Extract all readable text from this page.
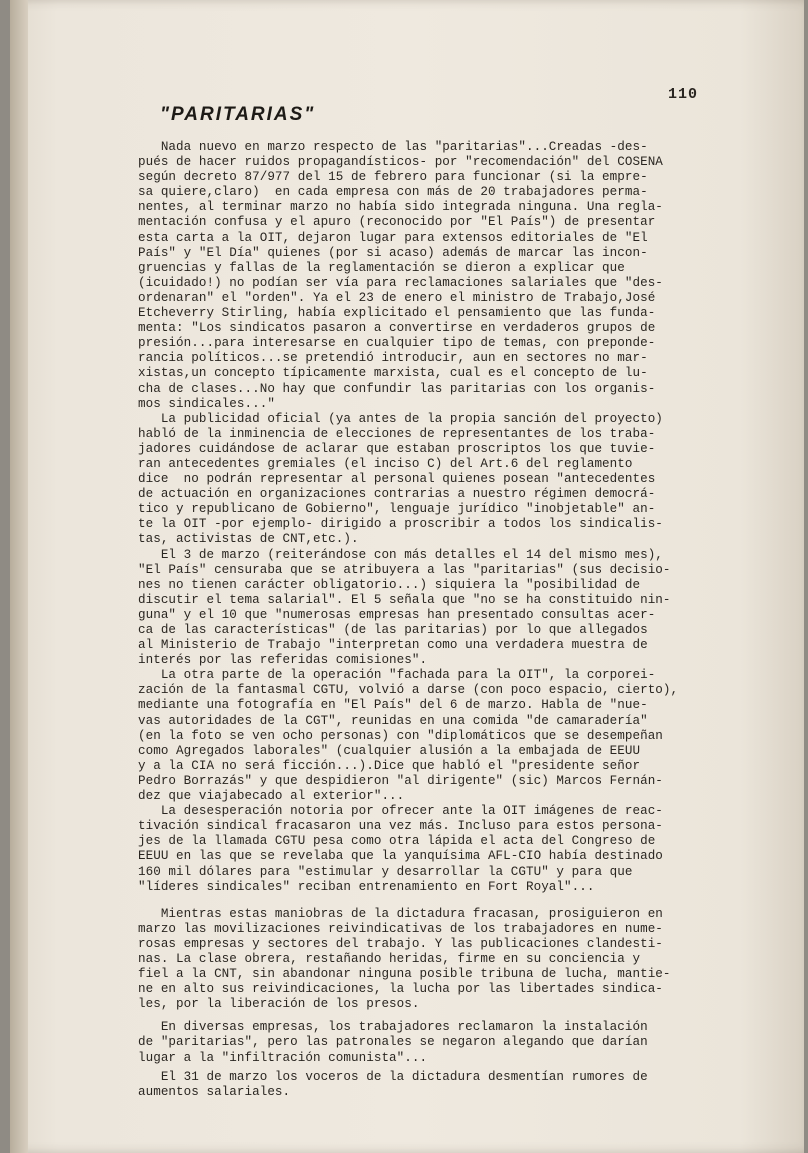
110
"PARITARIAS"
Nada nuevo en marzo respecto de las "paritarias"...Creadas -des-
pués de hacer ruidos propagandísticos- por "recomendación" del COSENA
según decreto 87/977 del 15 de febrero para funcionar (si la empre-
sa quiere,claro)  en cada empresa con más de 20 trabajadores perma-
nentes, al terminar marzo no había sido integrada ninguna. Una regla-
mentación confusa y el apuro (reconocido por "El País") de presentar
esta carta a la OIT, dejaron lugar para extensos editoriales de "El
País" y "El Día" quienes (por si acaso) además de marcar las incon-
gruencias y fallas de la reglamentación se dieron a explicar que
(icuidado!) no podían ser vía para reclamaciones salariales que "des-
ordenaran" el "orden". Ya el 23 de enero el ministro de Trabajo,José
Etcheverry Stirling, había explicitado el pensamiento que las funda-
menta: "Los sindicatos pasaron a convertirse en verdaderos grupos de
presión...para interesarse en cualquier tipo de temas, con preponde-
rancia políticos...se pretendió introducir, aun en sectores no mar-
xistas,un concepto típicamente marxista, cual es el concepto de lu-
cha de clases...No hay que confundir las paritarias con los organis-
mos sindicales..."
La publicidad oficial (ya antes de la propia sanción del proyecto)
habló de la inminencia de elecciones de representantes de los traba-
jadores cuidándose de aclarar que estaban proscriptos los que tuvie-
ran antecedentes gremiales (el inciso C) del Art.6 del reglamento
dice  no podrán representar al personal quienes posean "antecedentes
de actuación en organizaciones contrarias a nuestro régimen democrá-
tico y republicano de Gobierno", lenguaje jurídico "inobjetable" an-
te la OIT -por ejemplo- dirigido a proscribir a todos los sindicalis-
tas, activistas de CNT,etc.).
El 3 de marzo (reiterándose con más detalles el 14 del mismo mes),
"El País" censuraba que se atribuyera a las "paritarias" (sus decisio-
nes no tienen carácter obligatorio...) siquiera la "posibilidad de
discutir el tema salarial". El 5 señala que "no se ha constituido nin-
guna" y el 10 que "numerosas empresas han presentado consultas acer-
ca de las características" (de las paritarias) por lo que allegados
al Ministerio de Trabajo "interpretan como una verdadera muestra de
interés por las referidas comisiones".
La otra parte de la operación "fachada para la OIT", la corporei-
zación de la fantasmal CGTU, volvió a darse (con poco espacio, cierto),
mediante una fotografía en "El País" del 6 de marzo. Habla de "nue-
vas autoridades de la CGT", reunidas en una comida "de camaradería"
(en la foto se ven ocho personas) con "diplomáticos que se desempeñan
como Agregados laborales" (cualquier alusión a la embajada de EEUU
y a la CIA no será ficción...).Dice que habló el "presidente señor
Pedro Borrazás" y que despidieron "al dirigente" (sic) Marcos Fernán-
dez que viajabecado al exterior"...
La desesperación notoria por ofrecer ante la OIT imágenes de reac-
tivación sindical fracasaron una vez más. Incluso para estos persona-
jes de la llamada CGTU pesa como otra lápida el acta del Congreso de
EEUU en las que se revelaba que la yanquísima AFL-CIO había destinado
160 mil dólares para "estimular y desarrollar la CGTU" y para que
"líderes sindicales" reciban entrenamiento en Fort Royal"...
Mientras estas maniobras de la dictadura fracasan, prosiguieron en
marzo las movilizaciones reivindicativas de los trabajadores en nume-
rosas empresas y sectores del trabajo. Y las publicaciones clandesti-
nas. La clase obrera, restañando heridas, firme en su conciencia y
fiel a la CNT, sin abandonar ninguna posible tribuna de lucha, mantie-
ne en alto sus reivindicaciones, la lucha por las libertades sindica-
les, por la liberación de los presos.
En diversas empresas, los trabajadores reclamaron la instalación
de "paritarias", pero las patronales se negaron alegando que darían
lugar a la "infiltración comunista"...
El 31 de marzo los voceros de la dictadura desmentían rumores de
aumentos salariales.
